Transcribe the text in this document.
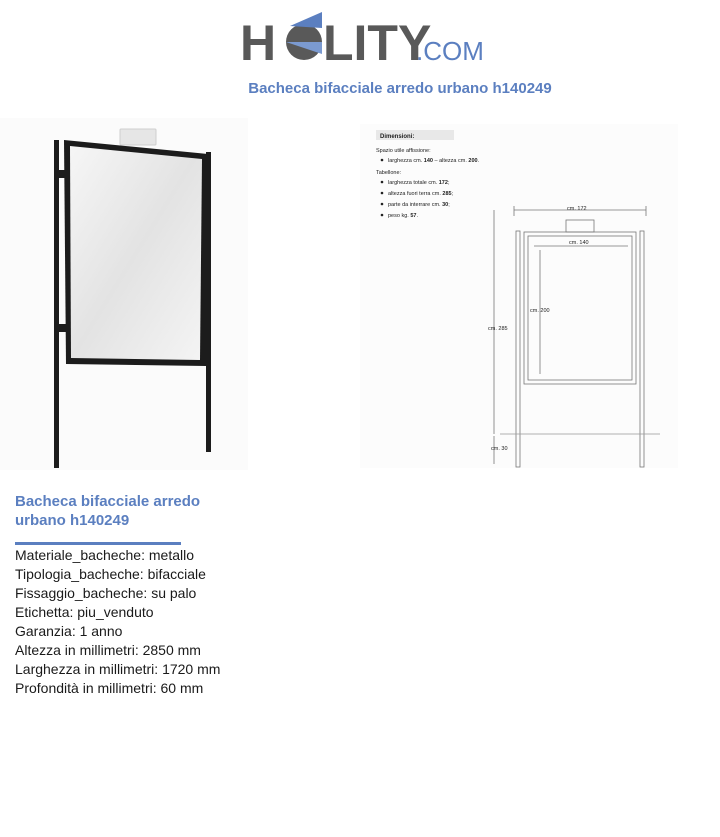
H LITY
.COM
Bacheca bifacciale arredo urbano h140249
Dimensioni:
Spazio utile affissione:
larghezza cm. 140 – altezza cm. 200.
Tabellone:
larghezza totale cm. 172;
altezza fuori terra cm. 285;
parte da interrare cm. 30;
peso kg. 57.
cm. 172
cm. 140
cm. 200
cm. 285
cm. 30
Bacheca bifacciale arredo urbano h140249
Materiale_bacheche: metallo
Tipologia_bacheche: bifacciale
Fissaggio_bacheche: su palo
Etichetta: piu_venduto
Garanzia: 1 anno
Altezza in millimetri: 2850 mm
Larghezza in millimetri: 1720 mm
Profondità in millimetri: 60 mm
